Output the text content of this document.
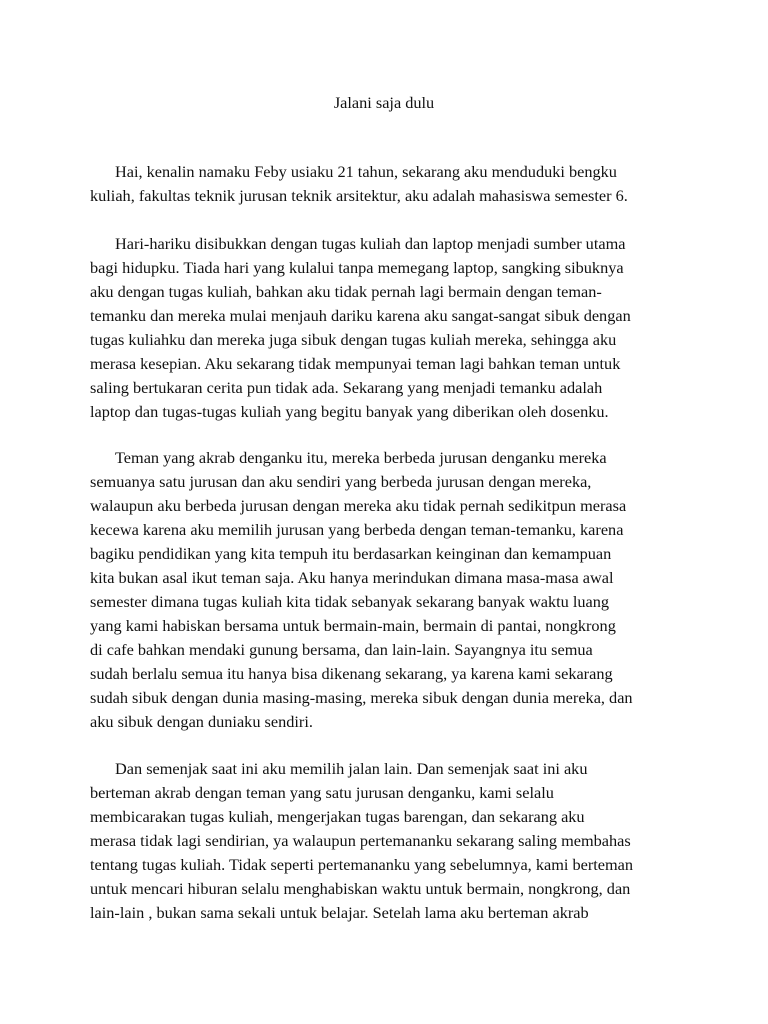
Jalani saja dulu
Hai, kenalin namaku Feby usiaku 21 tahun, sekarang aku menduduki bengku
kuliah, fakultas teknik jurusan teknik arsitektur, aku adalah mahasiswa semester 6.
Hari-hariku disibukkan dengan tugas kuliah dan laptop menjadi sumber utama
bagi hidupku. Tiada hari yang kulalui tanpa memegang laptop, sangking sibuknya
aku dengan tugas kuliah, bahkan aku tidak pernah lagi bermain dengan teman-
temanku dan mereka mulai menjauh dariku karena aku sangat-sangat sibuk dengan
tugas kuliahku dan mereka juga sibuk dengan tugas kuliah mereka, sehingga aku
merasa kesepian. Aku sekarang tidak mempunyai teman lagi bahkan teman untuk
saling bertukaran cerita pun tidak ada. Sekarang yang menjadi temanku adalah
laptop dan tugas-tugas kuliah yang begitu banyak yang diberikan oleh dosenku.
Teman yang akrab denganku itu, mereka berbeda jurusan denganku mereka
semuanya satu jurusan dan aku sendiri yang berbeda jurusan dengan mereka,
walaupun aku berbeda jurusan dengan mereka aku tidak pernah sedikitpun merasa
kecewa karena aku memilih jurusan yang berbeda dengan teman-temanku, karena
bagiku pendidikan yang kita tempuh itu berdasarkan keinginan dan kemampuan
kita bukan asal ikut teman saja. Aku hanya merindukan dimana masa-masa awal
semester dimana tugas kuliah kita tidak sebanyak sekarang banyak waktu luang
yang kami habiskan bersama untuk bermain-main, bermain di pantai, nongkrong
di cafe bahkan mendaki gunung bersama, dan lain-lain. Sayangnya itu semua
sudah berlalu semua itu hanya bisa dikenang sekarang, ya karena kami sekarang
sudah sibuk dengan dunia masing-masing, mereka sibuk dengan dunia mereka, dan
aku sibuk dengan duniaku sendiri.
Dan semenjak saat ini aku memilih jalan lain. Dan semenjak saat ini aku
berteman akrab dengan teman yang satu jurusan denganku, kami selalu
membicarakan tugas kuliah, mengerjakan tugas barengan, dan sekarang aku
merasa tidak lagi sendirian, ya walaupun pertemananku sekarang saling membahas
tentang tugas kuliah. Tidak seperti pertemananku yang sebelumnya, kami berteman
untuk mencari hiburan selalu menghabiskan waktu untuk bermain, nongkrong, dan
lain-lain , bukan sama sekali untuk belajar. Setelah lama aku berteman akrab
